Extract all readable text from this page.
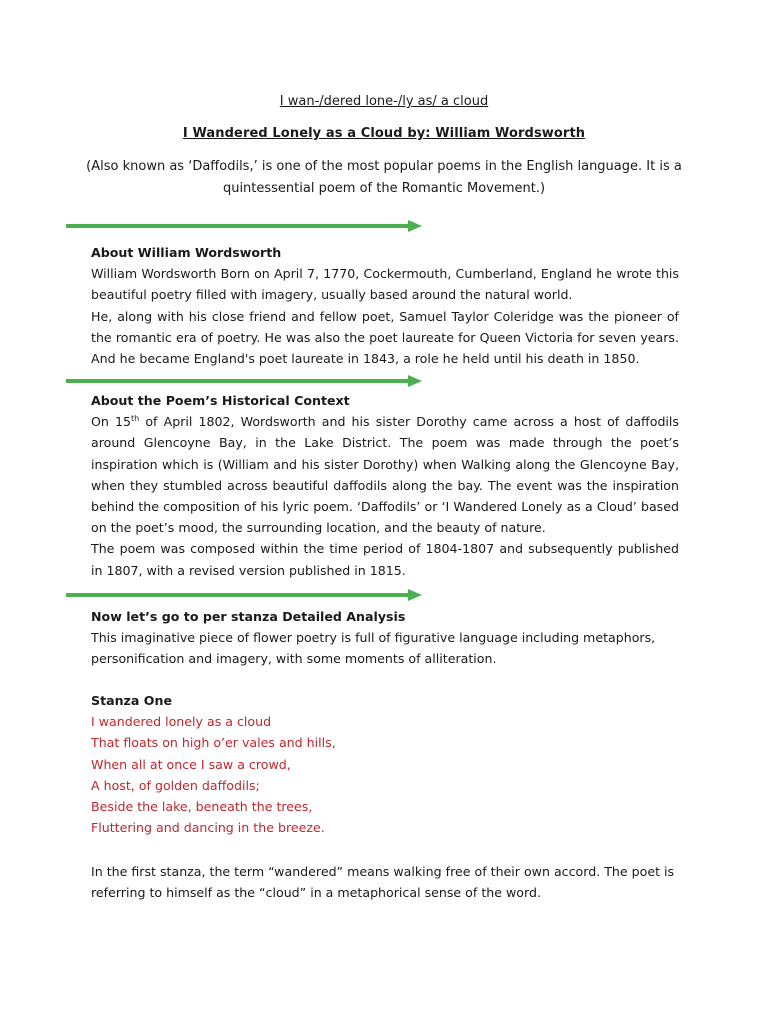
I wan-/dered lone-/ly as/ a cloud
I Wandered Lonely as a Cloud by: William Wordsworth
(Also known as ‘Daffodils,’ is one of the most popular poems in the English language. It is a quintessential poem of the Romantic Movement.)
About William Wordsworth
William Wordsworth Born on April 7, 1770, Cockermouth, Cumberland, England he wrote this beautiful poetry filled with imagery, usually based around the natural world.
He, along with his close friend and fellow poet, Samuel Taylor Coleridge was the pioneer of the romantic era of poetry. He was also the poet laureate for Queen Victoria for seven years. And he became England's poet laureate in 1843, a role he held until his death in 1850.
About the Poem’s Historical Context
On 15th of April 1802, Wordsworth and his sister Dorothy came across a host of daffodils around Glencoyne Bay, in the Lake District. The poem was made through the poet’s inspiration which is (William and his sister Dorothy) when Walking along the Glencoyne Bay, when they stumbled across beautiful daffodils along the bay. The event was the inspiration behind the composition of his lyric poem. ‘Daffodils’ or ‘I Wandered Lonely as a Cloud’ based on the poet’s mood, the surrounding location, and the beauty of nature.
The poem was composed within the time period of 1804-1807 and subsequently published in 1807, with a revised version published in 1815.
Now let’s go to per stanza Detailed Analysis
This imaginative piece of flower poetry is full of figurative language including metaphors, personification and imagery, with some moments of alliteration.
Stanza One
I wandered lonely as a cloud
That floats on high o’er vales and hills,
When all at once I saw a crowd,
A host, of golden daffodils;
Beside the lake, beneath the trees,
Fluttering and dancing in the breeze.
In the first stanza, the term “wandered” means walking free of their own accord. The poet is referring to himself as the “cloud” in a metaphorical sense of the word.
